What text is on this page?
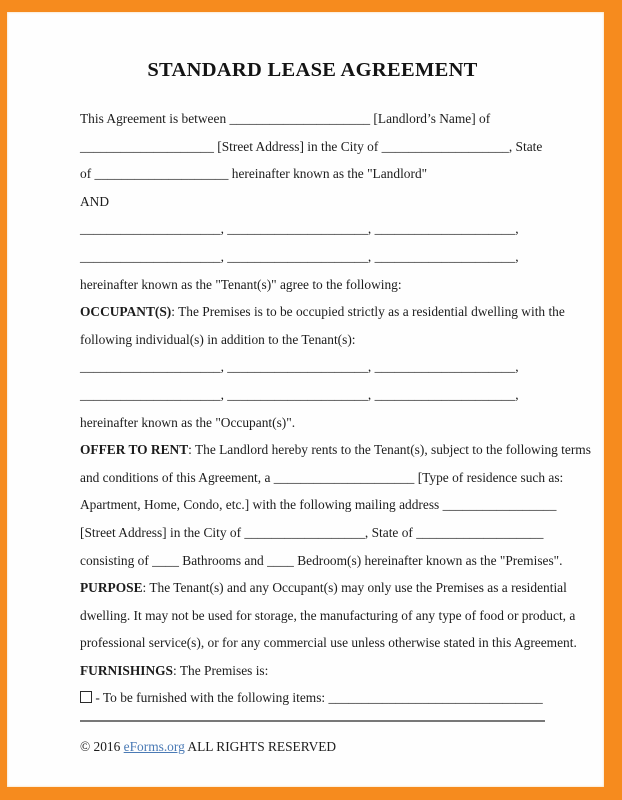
STANDARD LEASE AGREEMENT
This Agreement is between _____________________ [Landlord’s Name] of
____________________ [Street Address] in the City of ___________________, State
of ____________________ hereinafter known as the "Landlord"
AND
_____________________, _____________________, _____________________,
_____________________, _____________________, _____________________,
hereinafter known as the "Tenant(s)" agree to the following:
OCCUPANT(S): The Premises is to be occupied strictly as a residential dwelling with the
following individual(s) in addition to the Tenant(s):
_____________________, _____________________, _____________________,
_____________________, _____________________, _____________________,
hereinafter known as the "Occupant(s)".
OFFER TO RENT: The Landlord hereby rents to the Tenant(s), subject to the following terms
and conditions of this Agreement, a _____________________ [Type of residence such as:
Apartment, Home, Condo, etc.] with the following mailing address _________________
[Street Address] in the City of __________________, State of ___________________
consisting of ____ Bathrooms and ____ Bedroom(s) hereinafter known as the "Premises".
PURPOSE: The Tenant(s) and any Occupant(s) may only use the Premises as a residential
dwelling. It may not be used for storage, the manufacturing of any type of food or product, a
professional service(s), or for any commercial use unless otherwise stated in this Agreement.
FURNISHINGS: The Premises is:
- To be furnished with the following items: ________________________________
© 2016 eForms.org ALL RIGHTS RESERVED
